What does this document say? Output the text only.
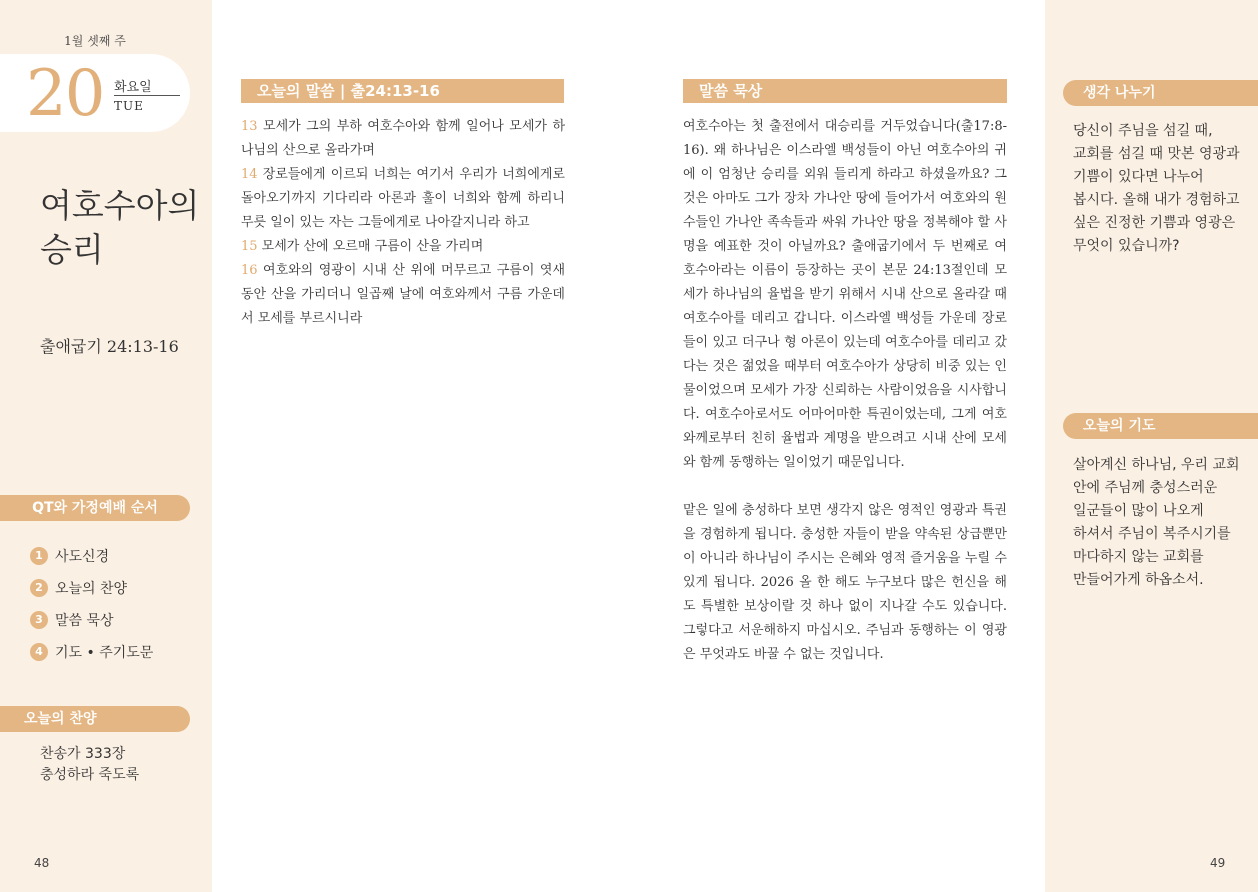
1월 셋째 주
20 화요일
TUE
여호수아의 승리
출애굽기 24:13-16
QT와 가정예배 순서
1 사도신경
2 오늘의 찬양
3 말씀 묵상
4 기도 • 주기도문
오늘의 찬양
찬송가 333장
충성하라 죽도록
48
오늘의 말씀 | 출24:13-16
13 모세가 그의 부하 여호수아와 함께 일어나 모세가 하나님의 산으로 올라가며
14 장로들에게 이르되 너희는 여기서 우리가 너희에게로 돌아오기까지 기다리라 아론과 훌이 너희와 함께 하리니 무릇 일이 있는 자는 그들에게로 나아갈지니라 하고
15 모세가 산에 오르매 구름이 산을 가리며
16 여호와의 영광이 시내 산 위에 머무르고 구름이 엿새 동안 산을 가리더니 일곱째 날에 여호와께서 구름 가운데서 모세를 부르시니라
말씀 묵상

여호수아는 첫 출전에서 대승리를 거두었습니다(출17:8-16). 왜 하나님은 이스라엘 백성들이 아닌 여호수아의 귀에 이 엄청난 승리를 외워 들리게 하라고 하셨을까요? 그것은 아마도 그가 장차 가나안 땅에 들어가서 여호와의 원수들인 가나안 족속들과 싸워 가나안 땅을 정복해야 할 사명을 예표한 것이 아닐까요? 출애굽기에서 두 번째로 여호수아라는 이름이 등장하는 곳이 본문 24:13절인데 모세가 하나님의 율법을 받기 위해서 시내 산으로 올라갈 때 여호수아를 데리고 갑니다. 이스라엘 백성들 가운데 장로들이 있고 더구나 형 아론이 있는데 여호수아를 데리고 갔다는 것은 젊었을 때부터 여호수아가 상당히 비중 있는 인물이었으며 모세가 가장 신뢰하는 사람이었음을 시사합니다. 여호수아로서도 어마어마한 특권이었는데, 그게 여호와께로부터 친히 율법과 계명을 받으려고 시내 산에 모세와 함께 동행하는 일이었기 때문입니다.

맡은 일에 충성하다 보면 생각지 않은 영적인 영광과 특권을 경험하게 됩니다. 충성한 자들이 받을 약속된 상급뿐만이 아니라 하나님이 주시는 은혜와 영적 즐거움을 누릴 수 있게 됩니다. 2026 올 한 해도 누구보다 많은 헌신을 해도 특별한 보상이랄 것 하나 없이 지나갈 수도 있습니다. 그렇다고 서운해하지 마십시오. 주님과 동행하는 이 영광은 무엇과도 바꿀 수 없는 것입니다.

생각 나누기
당신이 주님을 섬길 때,
교회를 섬길 때 맛본 영광과
기쁨이 있다면 나누어
봅시다. 올해 내가 경험하고
싶은 진정한 기쁨과 영광은
무엇이 있습니까?
오늘의 기도
살아계신 하나님, 우리 교회
안에 주님께 충성스러운
일군들이 많이 나오게
하셔서 주님이 복주시기를
마다하지 않는 교회를
만들어가게 하옵소서.
49
